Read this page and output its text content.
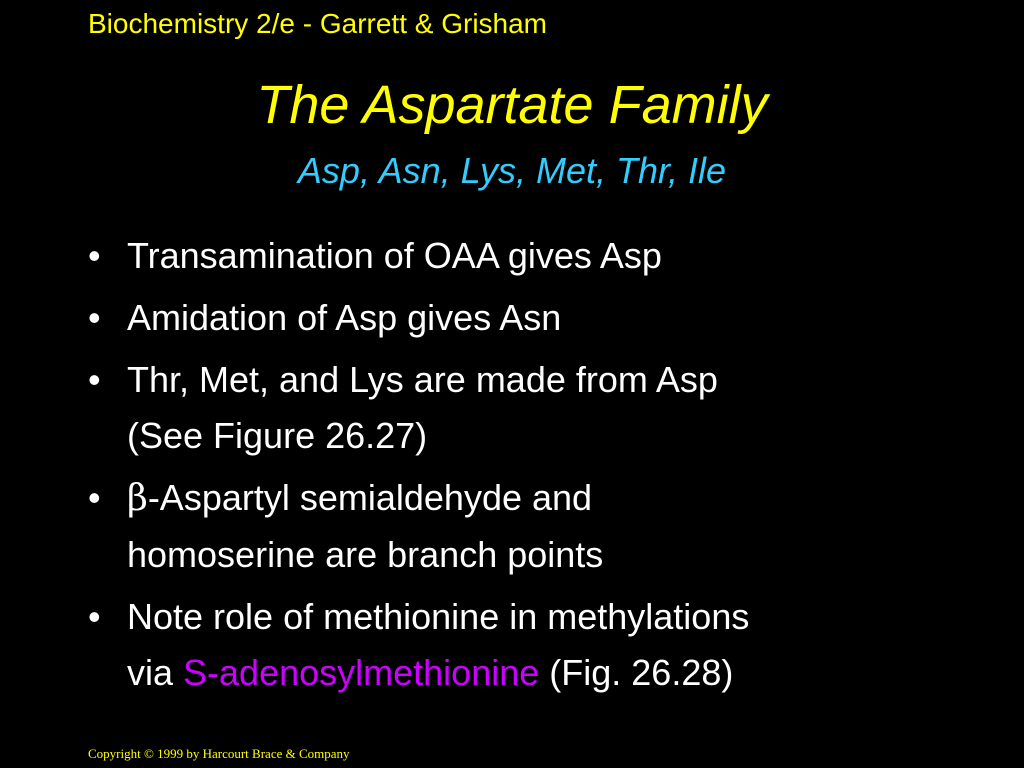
Biochemistry 2/e - Garrett & Grisham
The Aspartate Family
Asp, Asn, Lys, Met, Thr, Ile
• Transamination of OAA gives Asp
• Amidation of Asp gives Asn
• Thr, Met, and Lys are made from Asp
(See Figure 26.27)
• β-Aspartyl semialdehyde and
homoserine are branch points
• Note role of methionine in methylations
via S-adenosylmethionine (Fig. 26.28)
Copyright © 1999 by Harcourt Brace & Company
